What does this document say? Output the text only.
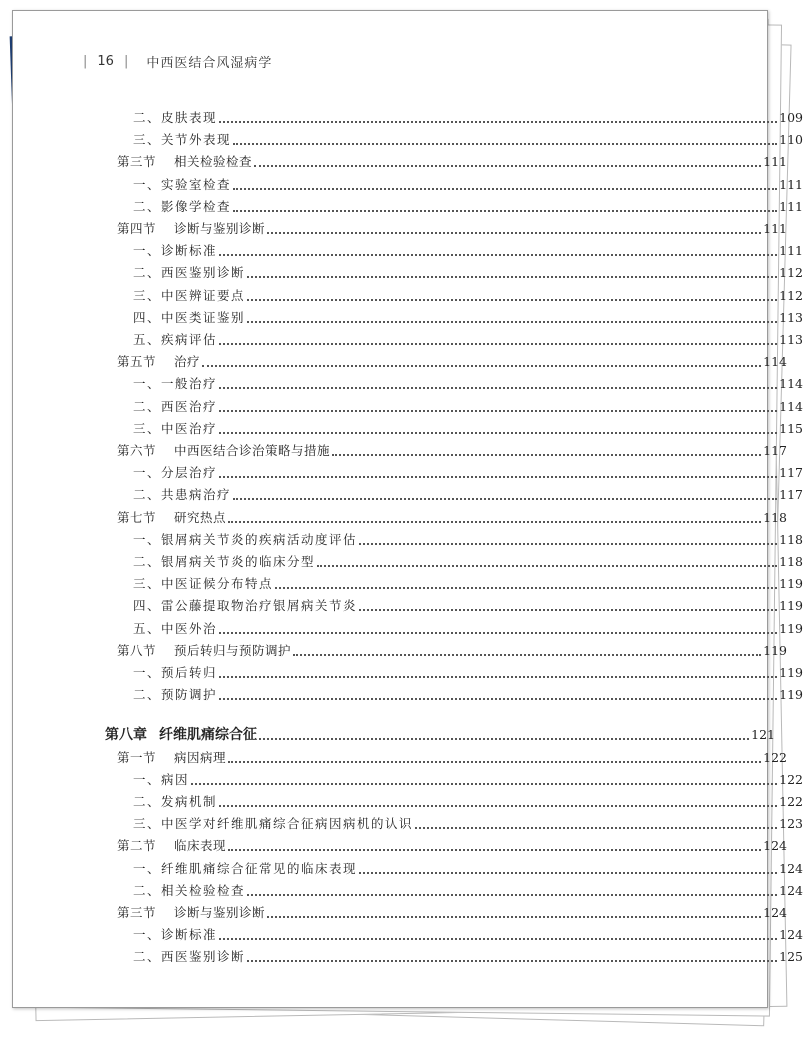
| 16 | 中西医结合风湿病学
二、皮肤表现	109
三、关节外表现	110
第三节 相关检验检查	111
一、实验室检查	111
二、影像学检查	111
第四节 诊断与鉴别诊断	111
一、诊断标准	111
二、西医鉴别诊断	112
三、中医辨证要点	112
四、中医类证鉴别	113
五、疾病评估	113
第五节 治疗	114
一、一般治疗	114
二、西医治疗	114
三、中医治疗	115
第六节 中西医结合诊治策略与措施	117
一、分层治疗	117
二、共患病治疗	117
第七节 研究热点	118
一、银屑病关节炎的疾病活动度评估	118
二、银屑病关节炎的临床分型	118
三、中医证候分布特点	119
四、雷公藤提取物治疗银屑病关节炎	119
五、中医外治	119
第八节 预后转归与预防调护	119
一、预后转归	119
二、预防调护	119
第八章 纤维肌痛综合征	121
第一节 病因病理	122
一、病因	122
二、发病机制	122
三、中医学对纤维肌痛综合征病因病机的认识	123
第二节 临床表现	124
一、纤维肌痛综合征常见的临床表现	124
二、相关检验检查	124
第三节 诊断与鉴别诊断	124
一、诊断标准	124
二、西医鉴别诊断	125
